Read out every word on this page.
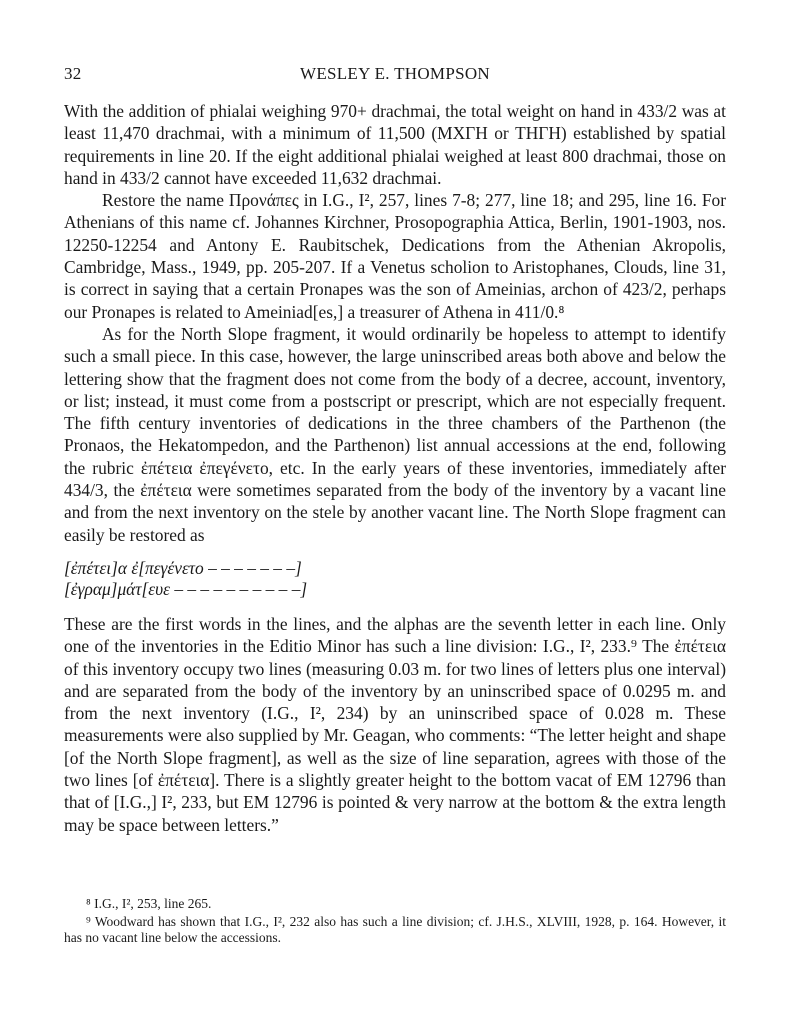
32	WESLEY E. THOMPSON

With the addition of phialai weighing 970+ drachmai, the total weight on hand in 433/2 was at least 11,470 drachmai, with a minimum of 11,500 (ΜΧΓΗ or ΤΗΓΗ) established by spatial requirements in line 20. If the eight additional phialai weighed at least 800 drachmai, those on hand in 433/2 cannot have exceeded 11,632 drachmai.

Restore the name Προνάπες in I.G., I², 257, lines 7-8; 277, line 18; and 295, line 16. For Athenians of this name cf. Johannes Kirchner, Prosopographia Attica, Berlin, 1901-1903, nos. 12250-12254 and Antony E. Raubitschek, Dedications from the Athenian Akropolis, Cambridge, Mass., 1949, pp. 205-207. If a Venetus scholion to Aristophanes, Clouds, line 31, is correct in saying that a certain Pronapes was the son of Ameinias, archon of 423/2, perhaps our Pronapes is related to Ameiniad[es,] a treasurer of Athena in 411/0.⁸

As for the North Slope fragment, it would ordinarily be hopeless to attempt to identify such a small piece. In this case, however, the large uninscribed areas both above and below the lettering show that the fragment does not come from the body of a decree, account, inventory, or list; instead, it must come from a postscript or prescript, which are not especially frequent. The fifth century inventories of dedications in the three chambers of the Parthenon (the Pronaos, the Hekatompedon, and the Parthenon) list annual accessions at the end, following the rubric ἐπέτεια ἐπεγένετο, etc. In the early years of these inventories, immediately after 434/3, the ἐπέτεια were sometimes separated from the body of the inventory by a vacant line and from the next inventory on the stele by another vacant line. The North Slope fragment can easily be restored as

[ἐπέτει]α ἐ[πεγένετο – – – – – – –]
[ἐγραμ]μάτ[ευε – – – – – – – – – –]

These are the first words in the lines, and the alphas are the seventh letter in each line. Only one of the inventories in the Editio Minor has such a line division: I.G., I², 233.⁹ The ἐπέτεια of this inventory occupy two lines (measuring 0.03 m. for two lines of letters plus one interval) and are separated from the body of the inventory by an uninscribed space of 0.0295 m. and from the next inventory (I.G., I², 234) by an uninscribed space of 0.028 m. These measurements were also supplied by Mr. Geagan, who comments: “The letter height and shape [of the North Slope fragment], as well as the size of line separation, agrees with those of the two lines [of ἐπέτεια]. There is a slightly greater height to the bottom vacat of EM 12796 than that of [I.G.,] I², 233, but EM 12796 is pointed & very narrow at the bottom & the extra length may be space between letters.”

⁸ I.G., I², 253, line 265.

⁹ Woodward has shown that I.G., I², 232 also has such a line division; cf. J.H.S., XLVIII, 1928, p. 164. However, it has no vacant line below the accessions.
